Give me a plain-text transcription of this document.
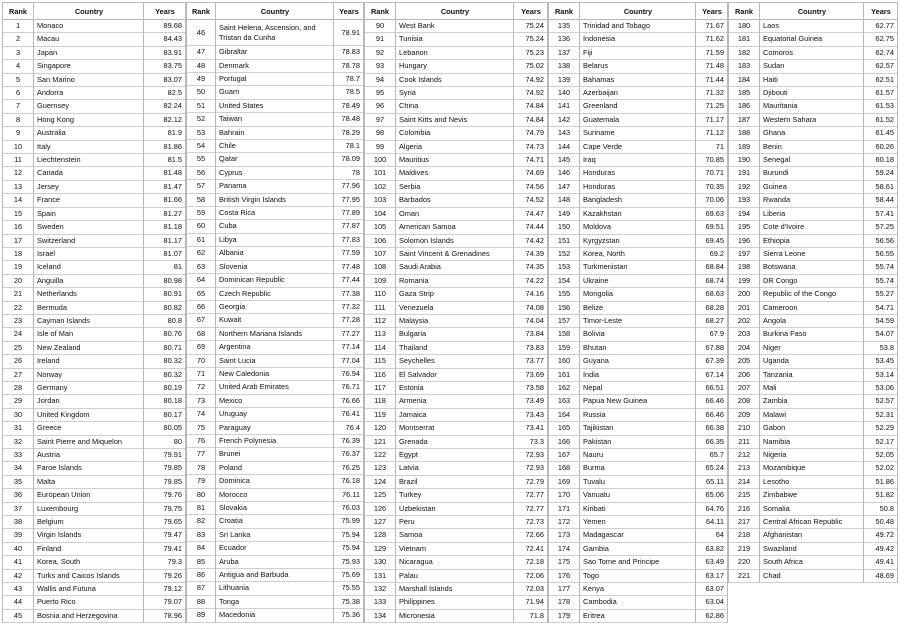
Rank	Country	Years
1	Monaco	89.68
2	Macau	84.43
3	Japan	83.91
4	Singapore	83.75
5	San Marino	83.07
6	Andorra	82.5
7	Guernsey	82.24
8	Hong Kong	82.12
9	Australia	81.9
10	Italy	81.86
11	Liechtenstein	81.5
12	Canada	81.48
13	Jersey	81.47
14	France	81.66
15	Spain	81.27
16	Sweden	81.18
17	Switzerland	81.17
18	Israel	81.07
19	Iceland	81
20	Anguilla	80.98
21	Netherlands	80.91
22	Bermuda	80.82
23	Cayman Islands	80.8
24	Isle of Man	80.76
25	New Zealand	80.71
26	Ireland	80.32
27	Norway	80.32
28	Germany	80.19
29	Jordan	80.18
30	United Kingdom	80.17
31	Greece	80.05
32	Saint Pierre and Miquelon	80
33	Austria	79.91
34	Faroe Islands	79.85
35	Malta	79.85
36	European Union	79.76
37	Luxembourg	79.75
38	Belgium	79.65
39	Virgin Islands	79.47
40	Finland	79.41
41	Korea, South	79.3
42	Turks and Caicos Islands	79.26
43	Wallis and Futuna	79.12
44	Puerto Rico	79.07
45	Bosnia and Herzegovina	78.96
Rank	Country	Years
46	Saint Helena, Ascension, and Tristan da Cunha	78.91
47	Gibraltar	78.83
48	Denmark	78.78
49	Portugal	78.7
50	Guam	78.5
51	United States	78.49
52	Taiwan	78.48
53	Bahrain	78.29
54	Chile	78.1
55	Qatar	78.09
56	Cyprus	78
57	Panama	77.96
58	British Virgin Islands	77.95
59	Costa Rica	77.89
60	Cuba	77.87
61	Libya	77.83
62	Albania	77.59
63	Slovenia	77.48
64	Dominican Republic	77.44
65	Czech Republic	77.38
66	Georgia	77.32
67	Kuwait	77.28
68	Northern Mariana Islands	77.27
69	Argentina	77.14
70	Saint Lucia	77.04
71	New Caledonia	76.94
72	United Arab Emirates	76.71
73	Mexico	76.66
74	Uruguay	76.41
75	Paraguay	76.4
76	French Polynesia	76.39
77	Brunei	76.37
78	Poland	76.25
79	Dominica	76.18
80	Morocco	76.11
81	Slovakia	76.03
82	Croatia	75.99
83	Sri Lanka	75.94
84	Ecuador	75.94
85	Aruba	75.93
86	Antigua and Barbuda	75.69
87	Lithuania	75.55
88	Tonga	75.38
89	Macedonia	75.36
Rank	Country	Years
90	West Bank	75.24
91	Tunisia	75.24
92	Lebanon	75.23
93	Hungary	75.02
94	Cook Islands	74.92
95	Syria	74.92
96	China	74.84
97	Saint Kitts and Nevis	74.84
98	Colombia	74.79
99	Algeria	74.73
100	Mauritius	74.71
101	Maldives	74.69
102	Serbia	74.56
103	Barbados	74.52
104	Oman	74.47
105	American Samoa	74.44
106	Solomon Islands	74.42
107	Saint Vincent & Grenadines	74.39
108	Saudi Arabia	74.35
109	Romania	74.22
110	Gaza Strip	74.16
111	Venezuela	74.08
112	Malaysia	74.04
113	Bulgaria	73.84
114	Thailand	73.83
115	Seychelles	73.77
116	El Salvador	73.69
117	Estonia	73.58
118	Armenia	73.49
119	Jamaica	73.43
120	Montserrat	73.41
121	Grenada	73.3
122	Egypt	72.93
123	Latvia	72.93
124	Brazil	72.79
125	Turkey	72.77
126	Uzbekistan	72.77
127	Peru	72.73
128	Samoa	72.66
129	Vietnam	72.41
130	Nicaragua	72.18
131	Palau	72.06
132	Marshall Islands	72.03
133	Philippines	71.94
134	Micronesia	71.8
Rank	Country	Years
135	Trinidad and Tobago	71.67
136	Indonesia	71.62
137	Fiji	71.59
138	Belarus	71.48
139	Bahamas	71.44
140	Azerbaijan	71.32
141	Greenland	71.25
142	Guatemala	71.17
143	Suriname	71.12
144	Cape Verde	71
145	Iraq	70.85
146	Honduras	70.71
147	Honduras	70.35
148	Bangladesh	70.06
149	Kazakhstan	69.63
150	Moldova	69.51
151	Kyrgyzstan	69.45
152	Korea, North	69.2
153	Turkmenistan	68.84
154	Ukraine	68.74
155	Mongolia	68.63
156	Belize	68.28
157	Timor-Leste	68.27
158	Bolivia	67.9
159	Bhutan	67.88
160	Guyana	67.39
161	India	67.14
162	Nepal	66.51
163	Papua New Guinea	66.46
164	Russia	66.46
165	Tajikistan	66.38
166	Pakistan	66.35
167	Nauru	65.7
168	Burma	65.24
169	Tuvalu	65.11
170	Vanuatu	65.06
171	Kiribati	64.76
172	Yemen	64.11
173	Madagascar	64
174	Gambia	63.82
175	Sao Tome and Principe	63.49
176	Togo	63.17
177	Kenya	63.07
178	Cambodia	63.04
179	Eritrea	62.86
Rank	Country	Years
180	Laos	62.77
181	Equatorial Guinea	62.75
182	Comoros	62.74
183	Sudan	62.57
184	Haiti	62.51
185	Djibouti	61.57
186	Mauritania	61.53
187	Western Sahara	61.52
188	Ghana	61.45
189	Benin	60.26
190	Senegal	60.18
191	Burundi	59.24
192	Guinea	58.61
193	Rwanda	58.44
194	Liberia	57.41
195	Cote d'Ivoire	57.25
196	Ethiopia	56.56
197	Sierra Leone	56.55
198	Botswana	55.74
199	DR Congo	55.74
200	Republic of the Congo	55.27
201	Cameroon	54.71
202	Angola	54.59
203	Burkina Faso	54.07
204	Niger	53.8
205	Uganda	53.45
206	Tanzania	53.14
207	Mali	53.06
208	Zambia	52.57
209	Malawi	52.31
210	Gabon	52.29
211	Namibia	52.17
212	Nigeria	52.05
213	Mozambique	52.02
214	Lesotho	51.86
215	Zimbabwe	51.82
216	Somalia	50.8
217	Central African Republic	50.48
218	Afghanistan	49.72
219	Swaziland	49.42
220	South Africa	49.41
221	Chad	48.69
